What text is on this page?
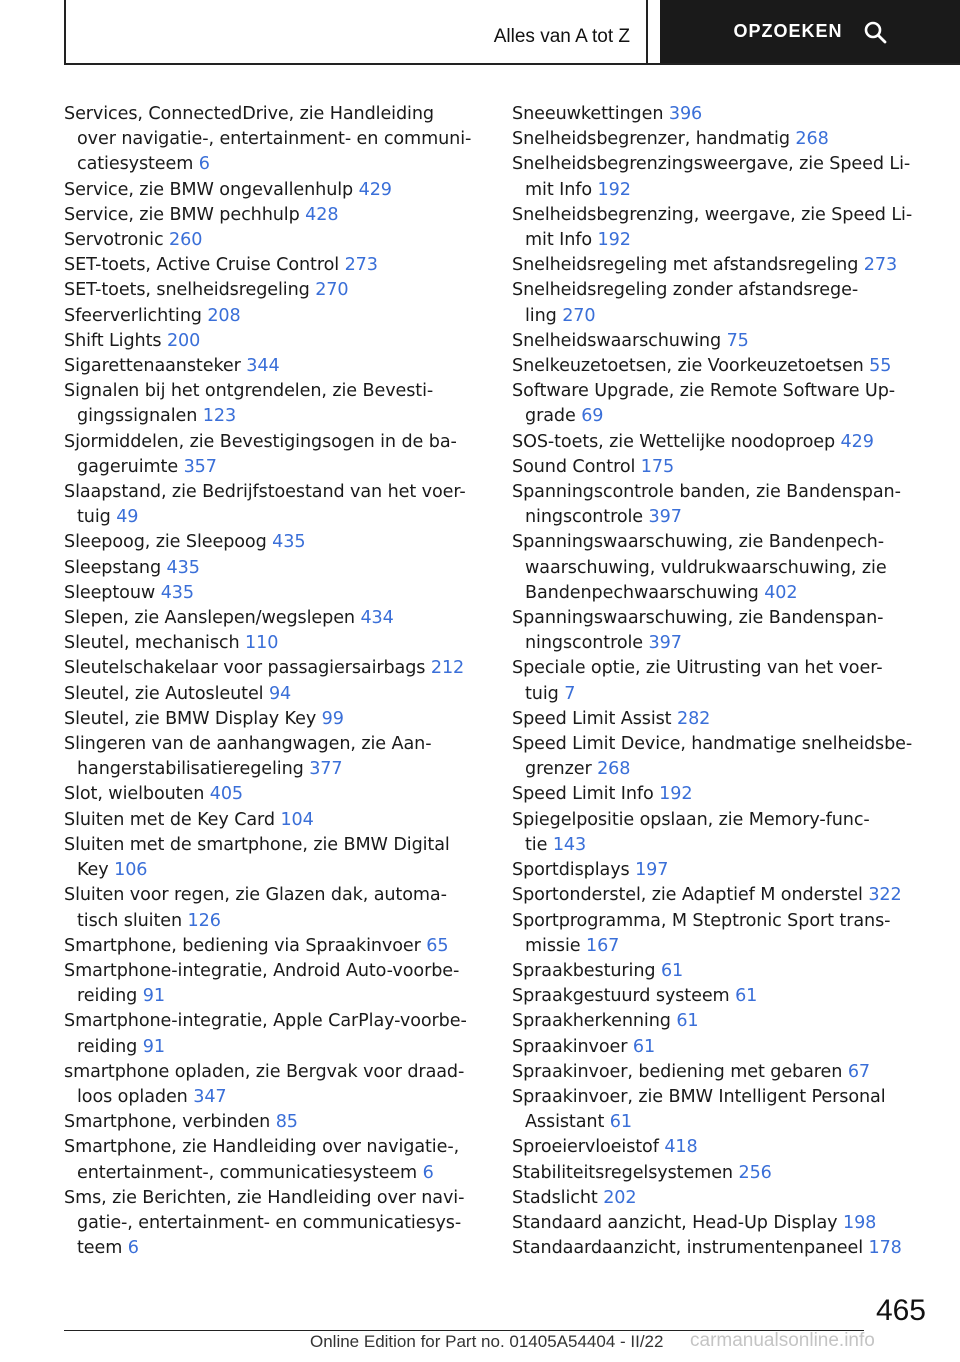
Alles van A tot Z	OPZOEKEN
Services, ConnectedDrive, zie Handleiding
over navigatie-, entertainment- en communi-
catiesysteem 6
Service, zie BMW ongevallenhulp 429
Service, zie BMW pechhulp 428
Servotronic 260
SET-toets, Active Cruise Control 273
SET-toets, snelheidsregeling 270
Sfeerverlichting 208
Shift Lights 200
Sigarettenaansteker 344
Signalen bij het ontgrendelen, zie Bevesti-
gingssignalen 123
Sjormiddelen, zie Bevestigingsogen in de ba-
gageruimte 357
Slaapstand, zie Bedrijfstoestand van het voer-
tuig 49
Sleepoog, zie Sleepoog 435
Sleepstang 435
Sleeptouw 435
Slepen, zie Aanslepen/wegslepen 434
Sleutel, mechanisch 110
Sleutelschakelaar voor passagiersairbags 212
Sleutel, zie Autosleutel 94
Sleutel, zie BMW Display Key 99
Slingeren van de aanhangwagen, zie Aan-
hangerstabilisatieregeling 377
Slot, wielbouten 405
Sluiten met de Key Card 104
Sluiten met de smartphone, zie BMW Digital
Key 106
Sluiten voor regen, zie Glazen dak, automa-
tisch sluiten 126
Smartphone, bediening via Spraakinvoer 65
Smartphone-integratie, Android Auto-voorbe-
reiding 91
Smartphone-integratie, Apple CarPlay-voorbe-
reiding 91
smartphone opladen, zie Bergvak voor draad-
loos opladen 347
Smartphone, verbinden 85
Smartphone, zie Handleiding over navigatie-,
entertainment-, communicatiesysteem 6
Sms, zie Berichten, zie Handleiding over navi-
gatie-, entertainment- en communicatiesys-
teem 6
Sneeuwkettingen 396
Snelheidsbegrenzer, handmatig 268
Snelheidsbegrenzingsweergave, zie Speed Li-
mit Info 192
Snelheidsbegrenzing, weergave, zie Speed Li-
mit Info 192
Snelheidsregeling met afstandsregeling 273
Snelheidsregeling zonder afstandsrege-
ling 270
Snelheidswaarschuwing 75
Snelkeuzetoetsen, zie Voorkeuzetoetsen 55
Software Upgrade, zie Remote Software Up-
grade 69
SOS-toets, zie Wettelijke noodoproep 429
Sound Control 175
Spanningscontrole banden, zie Bandenspan-
ningscontrole 397
Spanningswaarschuwing, zie Bandenpech-
waarschuwing, vuldrukwaarschuwing, zie
Bandenpechwaarschuwing 402
Spanningswaarschuwing, zie Bandenspan-
ningscontrole 397
Speciale optie, zie Uitrusting van het voer-
tuig 7
Speed Limit Assist 282
Speed Limit Device, handmatige snelheidsbe-
grenzer 268
Speed Limit Info 192
Spiegelpositie opslaan, zie Memory-func-
tie 143
Sportdisplays 197
Sportonderstel, zie Adaptief M onderstel 322
Sportprogramma, M Steptronic Sport trans-
missie 167
Spraakbesturing 61
Spraakgestuurd systeem 61
Spraakherkenning 61
Spraakinvoer 61
Spraakinvoer, bediening met gebaren 67
Spraakinvoer, zie BMW Intelligent Personal
Assistant 61
Sproeiervloeistof 418
Stabiliteitsregelsystemen 256
Stadslicht 202
Standaard aanzicht, Head-Up Display 198
Standaardaanzicht, instrumentenpaneel 178
465
Online Edition for Part no. 01405A54404 - II/22 carmanualsonline.info
